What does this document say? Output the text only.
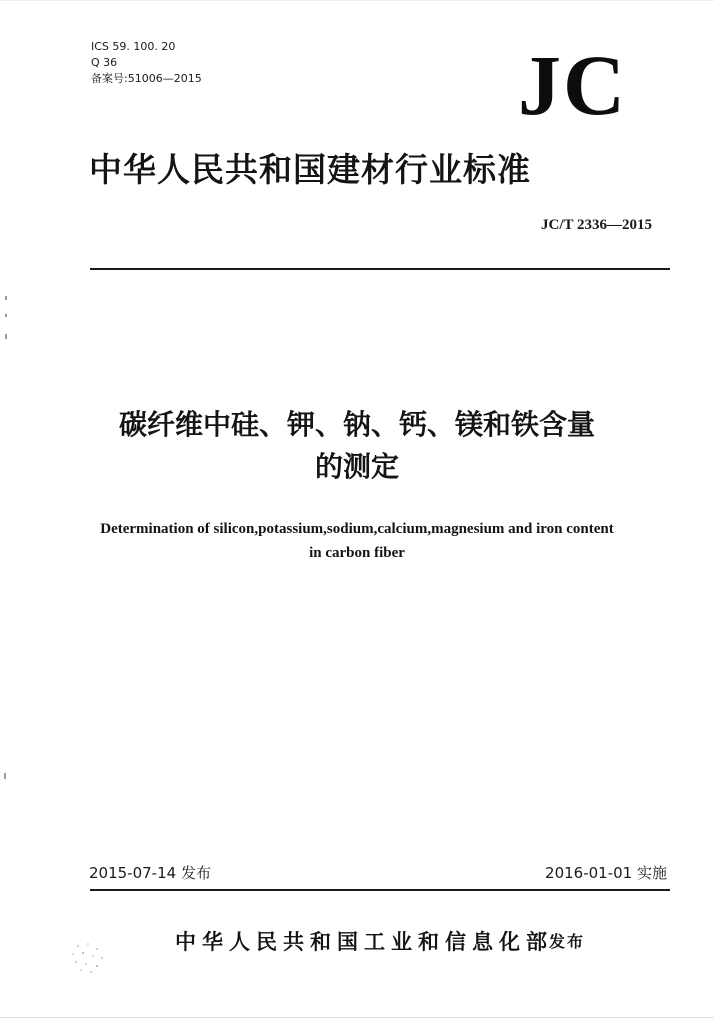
ICS 59. 100. 20
Q 36
备案号:51006—2015	JC
中华人民共和国建材行业标准
JC/T 2336—2015
碳纤维中硅、钾、钠、钙、镁和铁含量
的测定
Determination of silicon,potassium,sodium,calcium,magnesium and iron content
in carbon fiber
2015-07-14 发布	2016-01-01 实施
中华人民共和国工业和信息化部
发布
